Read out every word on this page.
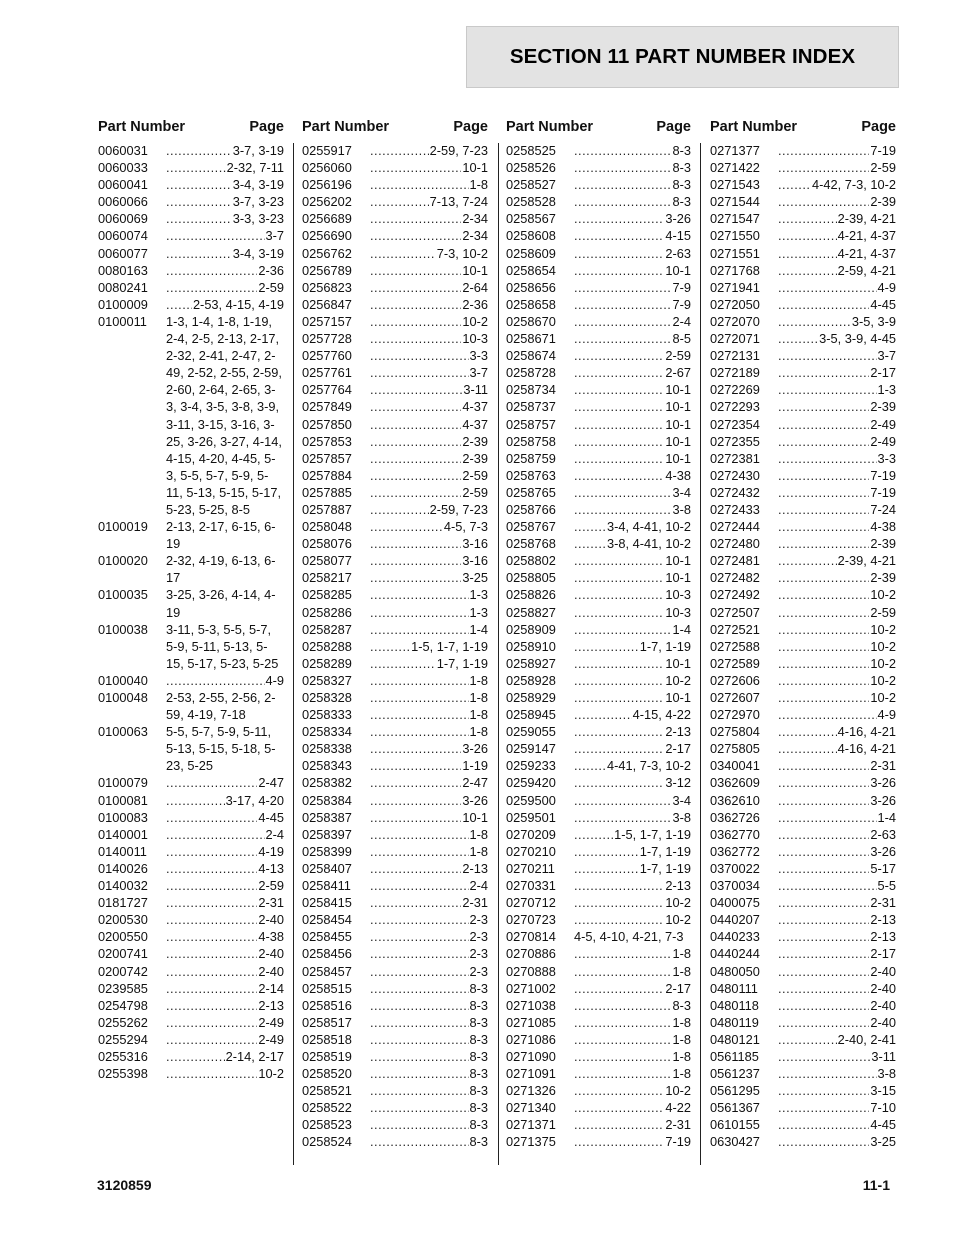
SECTION 11 PART NUMBER INDEX
Part Number	Page
0060031 .....	3-7, 3-19
0060033 .....	2-32, 7-11
0060041 .....	3-4, 3-19
0060066 .....	3-7, 3-23
0060069 .....	3-3, 3-23
0060074 .....	3-7
0060077 .....	3-4, 3-19
0080163 .....	2-36
0080241 .....	2-59
0100009 .....	2-53, 4-15, 4-19
0100011	1-3, 1-4, 1-8, 1-19, 2-4, 2-5, 2-13, 2-17, 2-32, 2-41, 2-47, 2-49, 2-52, 2-55, 2-59, 2-60, 2-64, 2-65, 3-3, 3-4, 3-5, 3-8, 3-9, 3-11, 3-15, 3-16, 3-25, 3-26, 3-27, 4-14, 4-15, 4-20, 4-45, 5-3, 5-5, 5-7, 5-9, 5-11, 5-13, 5-15, 5-17, 5-23, 5-25, 8-5
0100019	2-13, 2-17, 6-15, 6-19
0100020	2-32, 4-19, 6-13, 6-17
0100035	3-25, 3-26, 4-14, 4-19
0100038	3-11, 5-3, 5-5, 5-7, 5-9, 5-11, 5-13, 5-15, 5-17, 5-23, 5-25
0100040 .....	4-9
0100048	2-53, 2-55, 2-56, 2-59, 4-19, 7-18
0100063	5-5, 5-7, 5-9, 5-11, 5-13, 5-15, 5-18, 5-23, 5-25
0100079 .....	2-47
0100081 .....	3-17, 4-20
0100083 .....	4-45
0140001 .....	2-4
0140011 .....	4-19
0140026 .....	4-13
0140032 .....	2-59
0181727 .....	2-31
0200530 .....	2-40
0200550 .....	4-38
0200741 .....	2-40
0200742 .....	2-40
0239585 .....	2-14
0254798 .....	2-13
0255262 .....	2-49
0255294 .....	2-49
0255316 .....	2-14, 2-17
0255398 .....	10-2
Part Number	Page
0255917 .....	2-59, 7-23
0256060 .....	10-1
0256196 .....	1-8
0256202 .....	7-13, 7-24
0256689 .....	2-34
0256690 .....	2-34
0256762 .....	7-3, 10-2
0256789 .....	10-1
0256823 .....	2-64
0256847 .....	2-36
0257157 .....	10-2
0257728 .....	10-3
0257760 .....	3-3
0257761 .....	3-7
0257764 .....	3-11
0257849 .....	4-37
0257850 .....	4-37
0257853 .....	2-39
0257857 .....	2-39
0257884 .....	2-59
0257885 .....	2-59
0257887 .....	2-59, 7-23
0258048 .....	4-5, 7-3
0258076 .....	3-16
0258077 .....	3-16
0258217 .....	3-25
0258285 .....	1-3
0258286 .....	1-3
0258287 .....	1-4
0258288 .....	1-5, 1-7, 1-19
0258289 .....	1-7, 1-19
0258327 .....	1-8
0258328 .....	1-8
0258333 .....	1-8
0258334 .....	1-8
0258338 .....	3-26
0258343 .....	1-19
0258382 .....	2-47
0258384 .....	3-26
0258387 .....	10-1
0258397 .....	1-8
0258399 .....	1-8
0258407 .....	2-13
0258411 .....	2-4
0258415 .....	2-31
0258454 .....	2-3
0258455 .....	2-3
0258456 .....	2-3
0258457 .....	2-3
0258515 .....	8-3
0258516 .....	8-3
0258517 .....	8-3
0258518 .....	8-3
0258519 .....	8-3
0258520 .....	8-3
0258521 .....	8-3
0258522 .....	8-3
0258523 .....	8-3
0258524 .....	8-3
Part Number	Page
0258525 .....	8-3
0258526 .....	8-3
0258527 .....	8-3
0258528 .....	8-3
0258567 .....	3-26
0258608 .....	4-15
0258609 .....	2-63
0258654 .....	10-1
0258656 .....	7-9
0258658 .....	7-9
0258670 .....	2-4
0258671 .....	8-5
0258674 .....	2-59
0258728 .....	2-67
0258734 .....	10-1
0258737 .....	10-1
0258757 .....	10-1
0258758 .....	10-1
0258759 .....	10-1
0258763 .....	4-38
0258765 .....	3-4
0258766 .....	3-8
0258767 .....	3-4, 4-41, 10-2
0258768 .....	3-8, 4-41, 10-2
0258802 .....	10-1
0258805 .....	10-1
0258826 .....	10-3
0258827 .....	10-3
0258909 .....	1-4
0258910 .....	1-7, 1-19
0258927 .....	10-1
0258928 .....	10-2
0258929 .....	10-1
0258945 .....	4-15, 4-22
0259055 .....	2-13
0259147 .....	2-17
0259233 .....	4-41, 7-3, 10-2
0259420 .....	3-12
0259500 .....	3-4
0259501 .....	3-8
0270209 .....	1-5, 1-7, 1-19
0270210 .....	1-7, 1-19
0270211 .....	1-7, 1-19
0270331 .....	2-13
0270712 .....	10-2
0270723 .....	10-2
0270814	4-5, 4-10, 4-21, 7-3
0270886 .....	1-8
0270888 .....	1-8
0271002 .....	2-17
0271038 .....	8-3
0271085 .....	1-8
0271086 .....	1-8
0271090 .....	1-8
0271091 .....	1-8
0271326 .....	10-2
0271340 .....	4-22
0271371 .....	2-31
0271375 .....	7-19
Part Number	Page
0271377 .....	7-19
0271422 .....	2-59
0271543 .....	4-42, 7-3, 10-2
0271544 .....	2-39
0271547 .....	2-39, 4-21
0271550 .....	4-21, 4-37
0271551 .....	4-21, 4-37
0271768 .....	2-59, 4-21
0271941 .....	4-9
0272050 .....	4-45
0272070 .....	3-5, 3-9
0272071 .....	3-5, 3-9, 4-45
0272131 .....	3-7
0272189 .....	2-17
0272269 .....	1-3
0272293 .....	2-39
0272354 .....	2-49
0272355 .....	2-49
0272381 .....	3-3
0272430 .....	7-19
0272432 .....	7-19
0272433 .....	7-24
0272444 .....	4-38
0272480 .....	2-39
0272481 .....	2-39, 4-21
0272482 .....	2-39
0272492 .....	10-2
0272507 .....	2-59
0272521 .....	10-2
0272588 .....	10-2
0272589 .....	10-2
0272606 .....	10-2
0272607 .....	10-2
0272970 .....	4-9
0275804 .....	4-16, 4-21
0275805 .....	4-16, 4-21
0340041 .....	2-31
0362609 .....	3-26
0362610 .....	3-26
0362726 .....	1-4
0362770 .....	2-63
0362772 .....	3-26
0370022 .....	5-17
0370034 .....	5-5
0400075 .....	2-31
0440207 .....	2-13
0440233 .....	2-13
0440244 .....	2-17
0480050 .....	2-40
0480111 .....	2-40
0480118 .....	2-40
0480119 .....	2-40
0480121 .....	2-40, 2-41
0561185 .....	3-11
0561237 .....	3-8
0561295 .....	3-15
0561367 .....	7-10
0610155 .....	4-45
0630427 .....	3-25
3120859	11-1
